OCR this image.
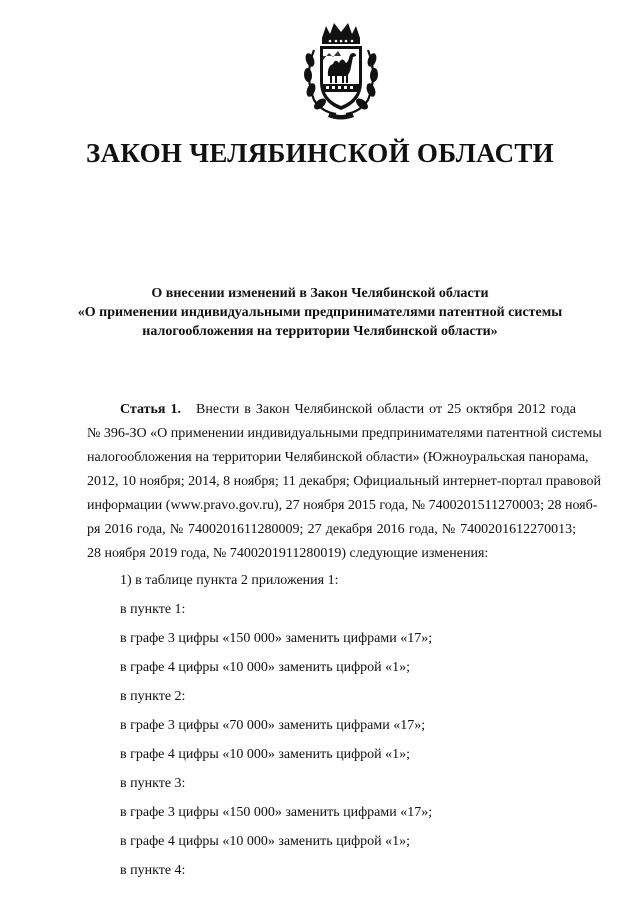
ЗАКОН ЧЕЛЯБИНСКОЙ ОБЛАСТИ
О внесении изменений в Закон Челябинской области
«О применении индивидуальными предпринимателями патентной системы
налогообложения на территории Челябинской области»
Статья 1. Внести в Закон Челябинской области от 25 октября 2012 года
№ 396-ЗО «О применении индивидуальными предпринимателями патентной системы
налогообложения на территории Челябинской области» (Южноуральская панорама,
2012, 10 ноября; 2014, 8 ноября; 11 декабря; Официальный интернет-портал правовой
информации (www.pravo.gov.ru), 27 ноября 2015 года, № 7400201511270003; 28 нояб-
ря 2016 года, № 7400201611280009; 27 декабря 2016 года, № 7400201612270013;
28 ноября 2019 года, № 7400201911280019) следующие изменения:
1) в таблице пункта 2 приложения 1:
в пункте 1:
в графе 3 цифры «150 000» заменить цифрами «17»;
в графе 4 цифры «10 000» заменить цифрой «1»;
в пункте 2:
в графе 3 цифры «70 000» заменить цифрами «17»;
в графе 4 цифры «10 000» заменить цифрой «1»;
в пункте 3:
в графе 3 цифры «150 000» заменить цифрами «17»;
в графе 4 цифры «10 000» заменить цифрой «1»;
в пункте 4:
